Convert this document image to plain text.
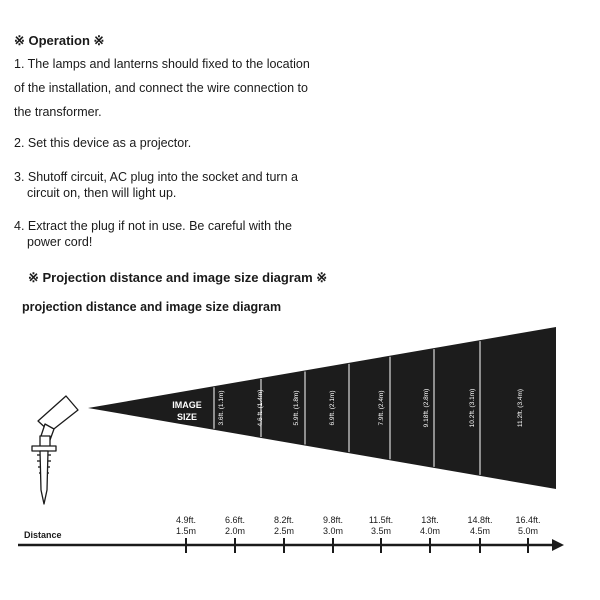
※ Operation ※
1. The lamps and lanterns should fixed to the location
of the installation, and connect the wire connection to
the transformer.
2. Set this device as a projector.
3. Shutoff circuit, AC plug into the socket and turn a
circuit on, then will light up.
4. Extract the plug if not in use. Be careful with the
power cord!
※ Projection distance and image size diagram ※
projection distance and image size diagram
IMAGE
SIZE	3.6ft. (1.1m)	4.6 ft. (1.4m)	5.9ft. (1.8m)	6.9ft. (2.1m)	7.9ft. (2.4m)	9.18ft. (2.8m)	10.2ft. (3.1m)	11.2ft. (3.4m)
Distance
4.9ft.
1.5m
6.6ft.
2.0m
8.2ft.
2.5m
9.8ft.
3.0m
11.5ft.
3.5m
13ft.
4.0m
14.8ft.
4.5m
16.4ft.
5.0m
